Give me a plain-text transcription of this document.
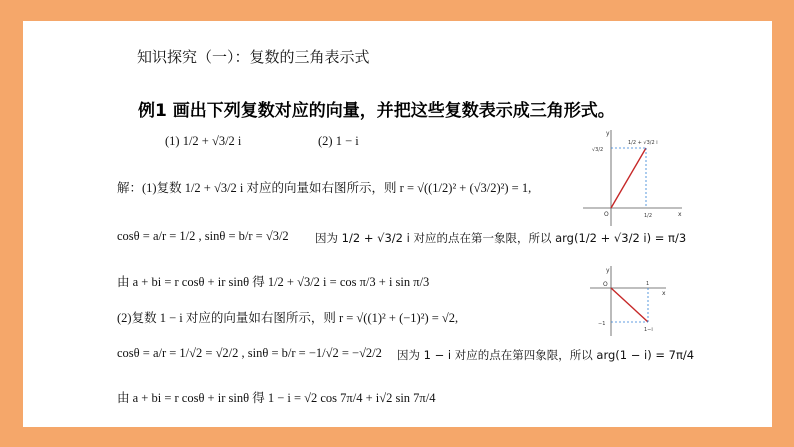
知识探究（一）：复数的三角表示式
例1 画出下列复数对应的向量，并把这些复数表示成三角形式。
(1) 1/2 + √3/2 i	(2) 1 − i
解：(1)复数 1/2 + √3/2 i 对应的向量如右图所示，则 r = √((1/2)² + (√3/2)²) = 1,
cosθ = a/r = 1/2 , sinθ = b/r = √3/2 因为 1/2 + √3/2 i 对应的点在第一象限，所以 arg(1/2 + √3/2 i) = π/3
由 a + bi = r cosθ + ir sinθ 得 1/2 + √3/2 i = cos π/3 + i sin π/3
(2)复数 1 − i 对应的向量如右图所示，则 r = √((1)² + (−1)²) = √2,
cosθ = a/r = 1/√2 = √2/2 , sinθ = b/r = −1/√2 = −√2/2 因为 1 − i 对应的点在第四象限，所以 arg(1 − i) = 7π/4
由 a + bi = r cosθ + ir sinθ 得 1 − i = √2 cos 7π/4 + i√2 sin 7π/4
y
x
O
1/2 + √3/2 i
√3/2
1/2
y
x
O	1
−1
1−i
